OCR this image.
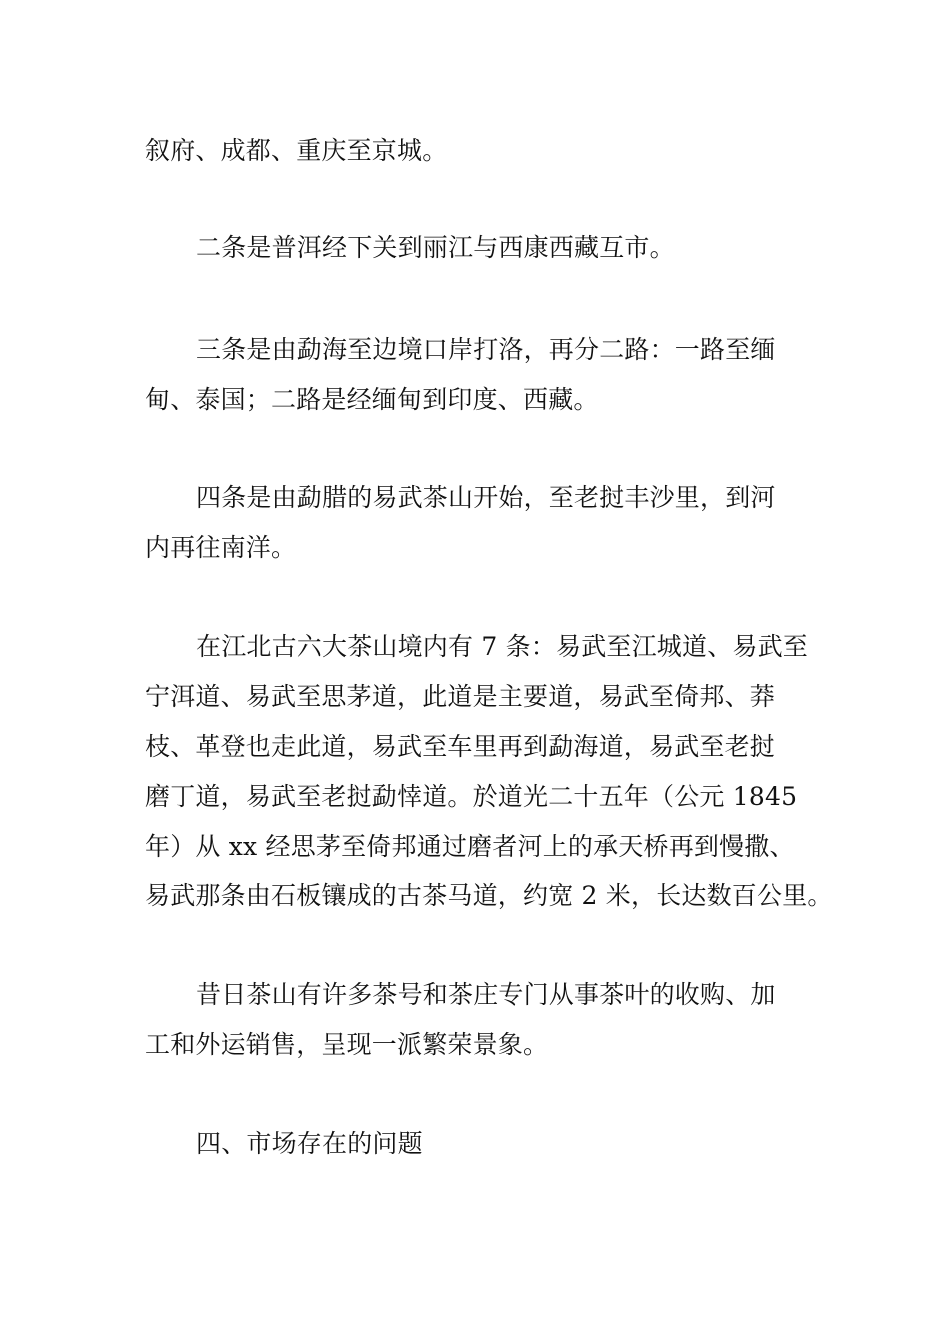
叙府、成都、重庆至京城。
二条是普洱经下关到丽江与西康西藏互市。
三条是由勐海至边境口岸打洛，再分二路：一路至缅
甸、泰国；二路是经缅甸到印度、西藏。
四条是由勐腊的易武茶山开始，至老挝丰沙里，到河
内再往南洋。
在江北古六大茶山境内有 7 条：易武至江城道、易武至
宁洱道、易武至思茅道，此道是主要道，易武至倚邦、莽
枝、革登也走此道，易武至车里再到勐海道，易武至老挝
磨丁道，易武至老挝勐悻道。於道光二十五年（公元 1845
年）从 xx 经思茅至倚邦通过磨者河上的承天桥再到慢撒、
易武那条由石板镶成的古茶马道，约宽 2 米，长达数百公里。
昔日茶山有许多茶号和茶庄专门从事茶叶的收购、加
工和外运销售，呈现一派繁荣景象。
四、市场存在的问题
